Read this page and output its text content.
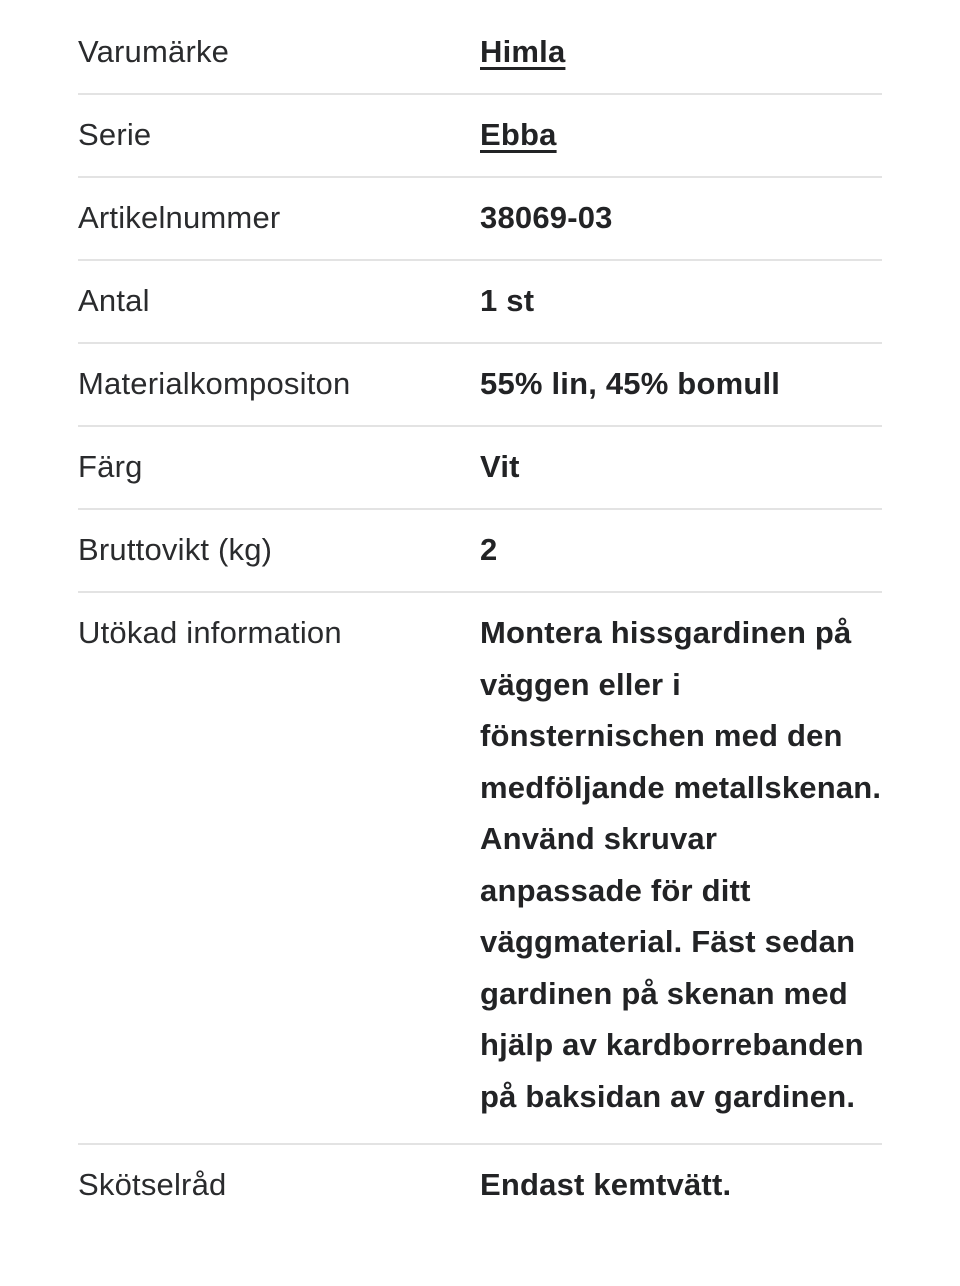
Varumärke	Himla
Serie	Ebba
Artikelnummer	38069-03
Antal	1 st
Materialkompositon	55% lin, 45% bomull
Färg	Vit
Bruttovikt (kg)	2
Utökad information	Montera hissgardinen på väggen eller i fönsternischen med den medföljande metallskenan. Använd skruvar anpassade för ditt väggmaterial. Fäst sedan gardinen på skenan med hjälp av kardborrebanden på baksidan av gardinen.
Skötselråd	Endast kemtvätt.
